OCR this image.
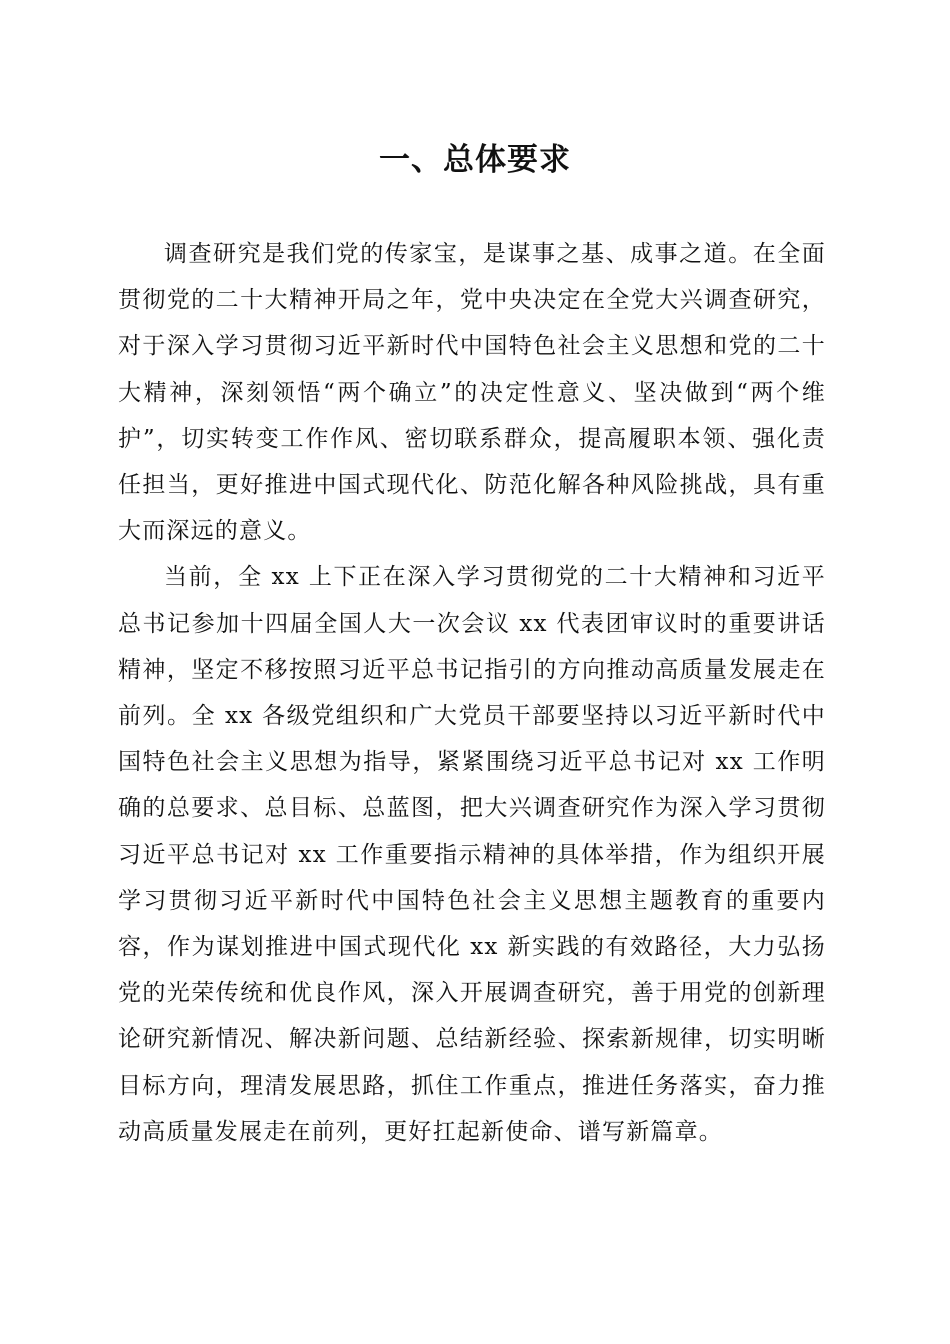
一、总体要求

调查研究是我们党的传家宝，是谋事之基、成事之道。在全面贯彻党的二十大精神开局之年，党中央决定在全党大兴调查研究，对于深入学习贯彻习近平新时代中国特色社会主义思想和党的二十大精神，深刻领悟“两个确立”的决定性意义、坚决做到“两个维护”，切实转变工作作风、密切联系群众，提高履职本领、强化责任担当，更好推进中国式现代化、防范化解各种风险挑战，具有重大而深远的意义。

当前，全 xx 上下正在深入学习贯彻党的二十大精神和习近平总书记参加十四届全国人大一次会议 xx 代表团审议时的重要讲话精神，坚定不移按照习近平总书记指引的方向推动高质量发展走在前列。全 xx 各级党组织和广大党员干部要坚持以习近平新时代中国特色社会主义思想为指导，紧紧围绕习近平总书记对 xx 工作明确的总要求、总目标、总蓝图，把大兴调查研究作为深入学习贯彻习近平总书记对 xx 工作重要指示精神的具体举措，作为组织开展学习贯彻习近平新时代中国特色社会主义思想主题教育的重要内容，作为谋划推进中国式现代化 xx 新实践的有效路径，大力弘扬党的光荣传统和优良作风，深入开展调查研究，善于用党的创新理论研究新情况、解决新问题、总结新经验、探索新规律，切实明晰目标方向，理清发展思路，抓住工作重点，推进任务落实，奋力推动高质量发展走在前列，更好扛起新使命、谱写新篇章。
